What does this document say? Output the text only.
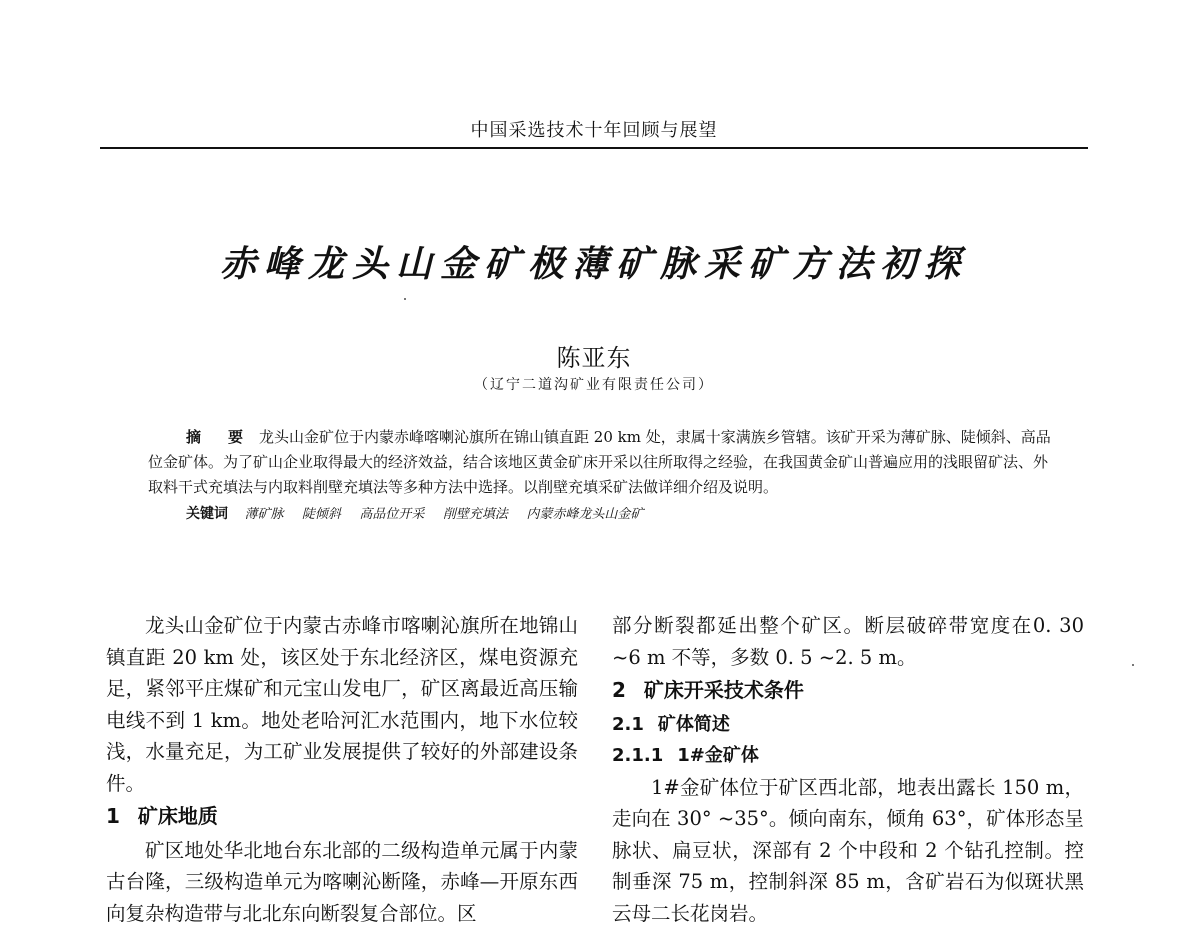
中国采选技术十年回顾与展望
赤峰龙头山金矿极薄矿脉采矿方法初探
陈亚东
（辽宁二道沟矿业有限责任公司）

摘　要 龙头山金矿位于内蒙赤峰喀喇沁旗所在锦山镇直距 20 km 处，隶属十家满族乡管辖。该矿开采为薄矿脉、陡倾斜、高品位金矿体。为了矿山企业取得最大的经济效益，结合该地区黄金矿床开采以往所取得之经验，在我国黄金矿山普遍应用的浅眼留矿法、外取料干式充填法与内取料削壁充填法等多种方法中选择。以削壁充填采矿法做详细介绍及说明。

关键词 薄矿脉 陡倾斜 高品位开采 削壁充填法 内蒙赤峰龙头山金矿

龙头山金矿位于内蒙古赤峰市喀喇沁旗所在地锦山镇直距 20 km 处，该区处于东北经济区，煤电资源充足，紧邻平庄煤矿和元宝山发电厂，矿区离最近高压输电线不到 1 km。地处老哈河汇水范围内，地下水位较浅，水量充足，为工矿业发展提供了较好的外部建设条件。

1 矿床地质

矿区地处华北地台东北部的二级构造单元属于内蒙古台隆，三级构造单元为喀喇沁断隆，赤峰—开原东西向复杂构造带与北北东向断裂复合部位。区

部分断裂都延出整个矿区。断层破碎带宽度在0. 30 ~6 m 不等，多数 0. 5 ~2. 5 m。

2 矿床开采技术条件

2.1 矿体简述

2.1.1 1#金矿体

1#金矿体位于矿区西北部，地表出露长 150 m，走向在 30° ~35°。倾向南东，倾角 63°，矿体形态呈脉状、扁豆状，深部有 2 个中段和 2 个钻孔控制。控制垂深 75 m，控制斜深 85 m，含矿岩石为似斑状黑云母二长花岗岩。
